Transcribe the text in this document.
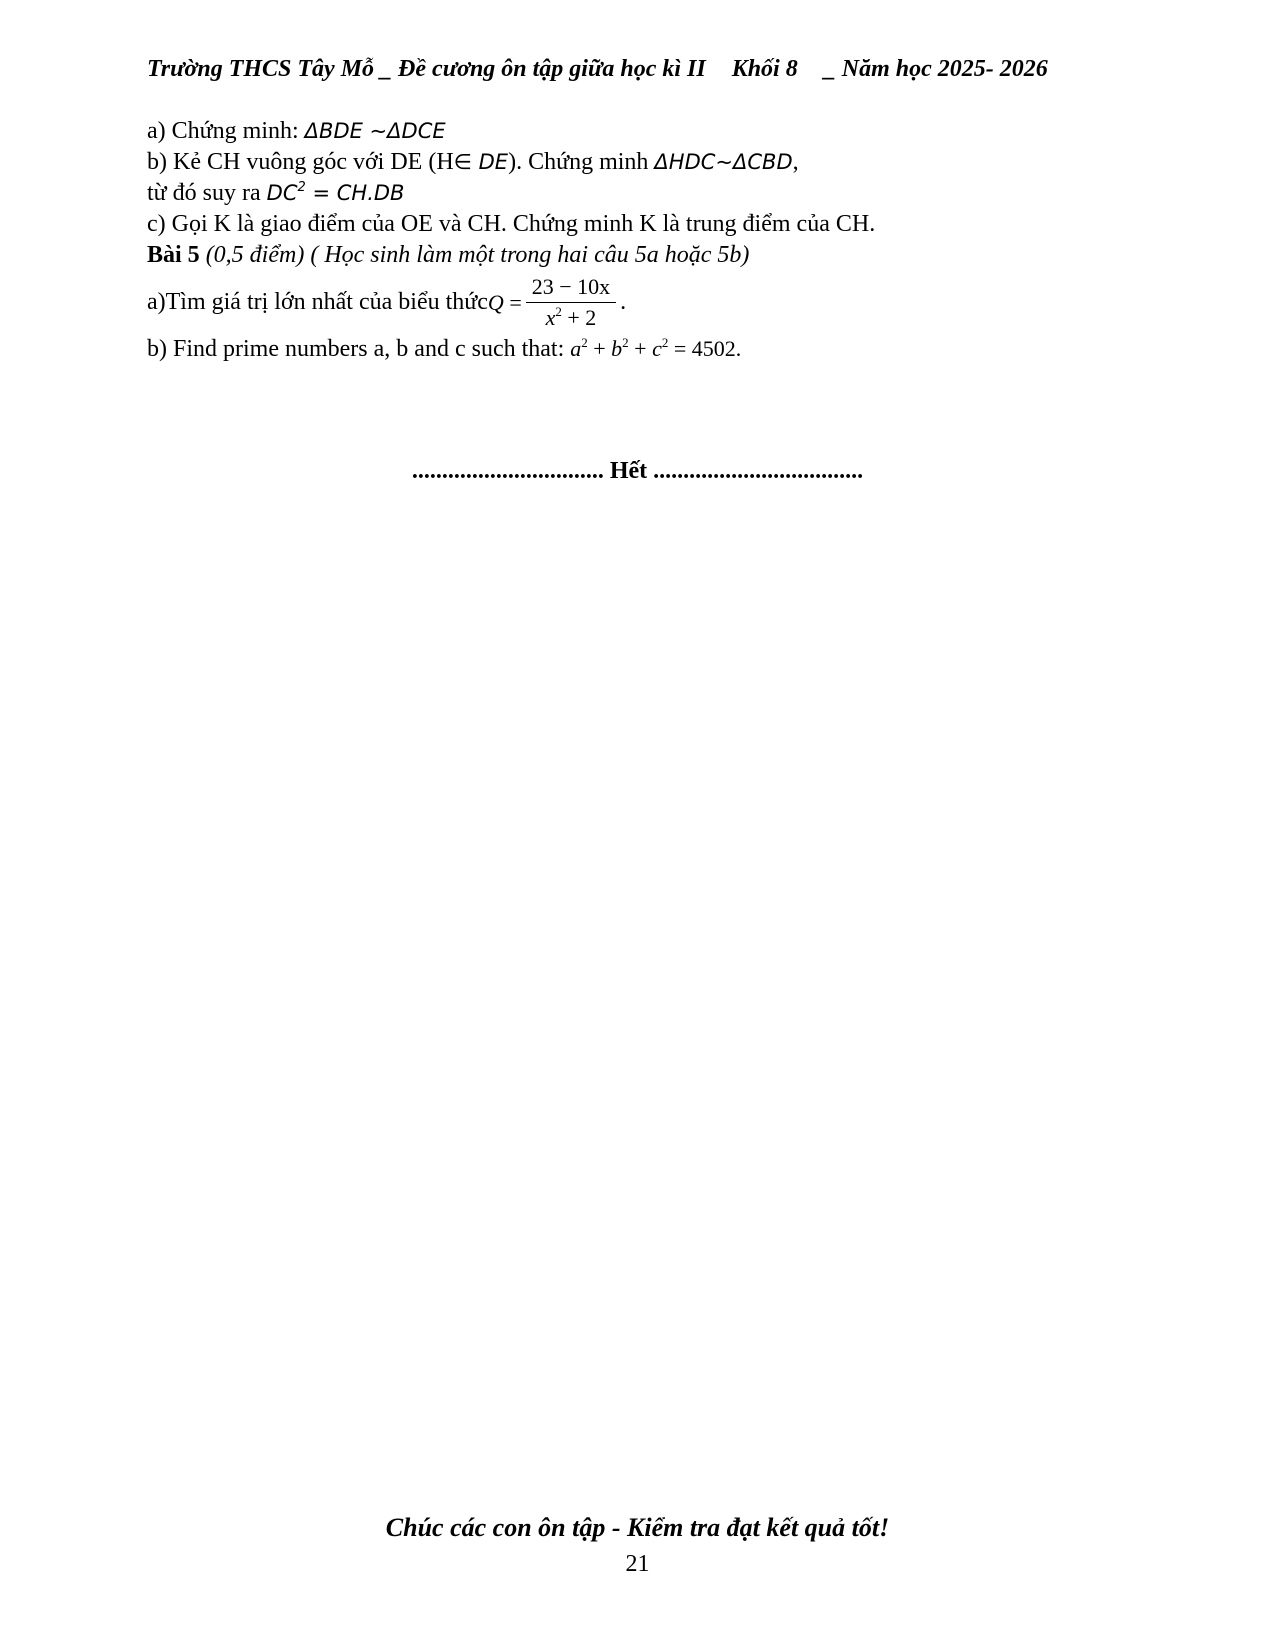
Trường THCS Tây Mỗ _ Đề cương ôn tập giữa học kì II Khối 8 _ Năm học 2025- 2026
a) Chứng minh: ΔBDE ∼ΔDCE
b) Kẻ CH vuông góc với DE (H∈ DE). Chứng minh ΔHDC∼ΔCBD,
từ đó suy ra $DC^2 = CH.DB$
c) Gọi K là giao điểm của OE và CH. Chứng minh K là trung điểm của CH.
Bài 5 (0,5 điểm) ( Học sinh làm một trong hai câu 5a hoặc 5b)
a)Tìm giá trị lớn nhất của biểu thức $Q = \frac{23 - 10x}{x^2 + 2}$ .
b) Find prime numbers a, b and c such that: $a^2 + b^2 + c^2 = 4502$.
................................ Hết ...................................
Chúc các con ôn tập - Kiểm tra đạt kết quả tốt!
21
